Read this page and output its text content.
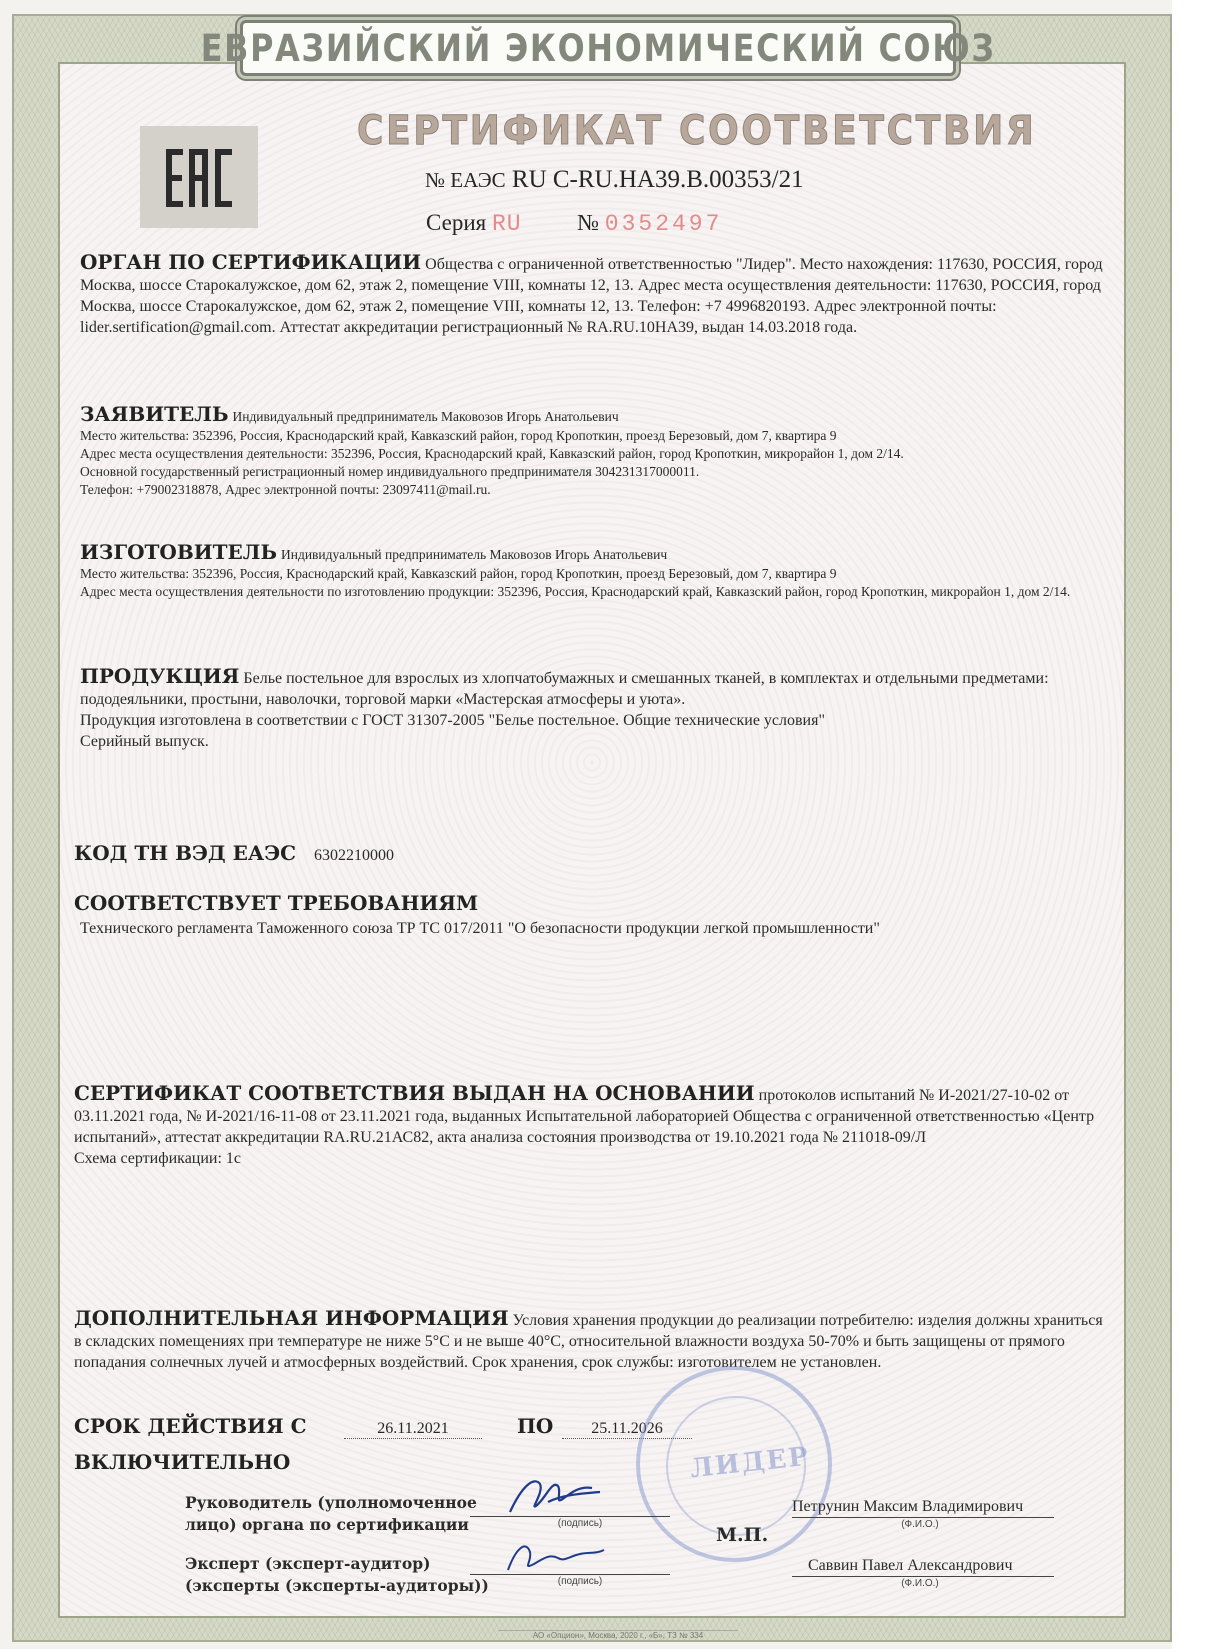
ЕВРАЗИЙСКИЙ ЭКОНОМИЧЕСКИЙ СОЮЗ
СЕРТИФИКАТ СООТВЕТСТВИЯ
№ ЕАЭС RU C-RU.НА39.В.00353/21
Серия RU № 0352497
ОРГАН ПО СЕРТИФИКАЦИИ Общества с ограниченной ответственностью "Лидер". Место нахождения: 117630, РОССИЯ, город Москва, шоссе Старокалужское, дом 62, этаж 2, помещение VIII, комнаты 12, 13. Адрес места осуществления деятельности: 117630, РОССИЯ, город Москва, шоссе Старокалужское, дом 62, этаж 2, помещение VIII, комнаты 12, 13. Телефон: +7 4996820193. Адрес электронной почты: lider.sertification@gmail.com. Аттестат аккредитации регистрационный № RA.RU.10НА39, выдан 14.03.2018 года.
ЗАЯВИТЕЛЬ Индивидуальный предприниматель Маковозов Игорь Анатольевич
Место жительства: 352396, Россия, Краснодарский край, Кавказский район, город Кропоткин, проезд Березовый, дом 7, квартира 9
Адрес места осуществления деятельности: 352396, Россия, Краснодарский край, Кавказский район, город Кропоткин, микрорайон 1, дом 2/14.
Основной государственный регистрационный номер индивидуального предпринимателя 304231317000011.
Телефон: +79002318878, Адрес электронной почты: 23097411@mail.ru.
ИЗГОТОВИТЕЛЬ Индивидуальный предприниматель Маковозов Игорь Анатольевич
Место жительства: 352396, Россия, Краснодарский край, Кавказский район, город Кропоткин, проезд Березовый, дом 7, квартира 9
Адрес места осуществления деятельности по изготовлению продукции: 352396, Россия, Краснодарский край, Кавказский район, город Кропоткин, микрорайон 1, дом 2/14.
ПРОДУКЦИЯ Белье постельное для взрослых из хлопчатобумажных и смешанных тканей, в комплектах и отдельными предметами: пододеяльники, простыни, наволочки, торговой марки «Мастерская атмосферы и уюта».
Продукция изготовлена в соответствии с ГОСТ 31307-2005 "Белье постельное. Общие технические условия"
Серийный выпуск.
КОД ТН ВЭД ЕАЭС 6302210000
СООТВЕТСТВУЕТ ТРЕБОВАНИЯМ
Технического регламента Таможенного союза ТР ТС 017/2011 "О безопасности продукции легкой промышленности"
СЕРТИФИКАТ СООТВЕТСТВИЯ ВЫДАН НА ОСНОВАНИИ протоколов испытаний № И-2021/27-10-02 от 03.11.2021 года, № И-2021/16-11-08 от 23.11.2021 года, выданных Испытательной лабораторией Общества с ограниченной ответственностью «Центр испытаний», аттестат аккредитации RA.RU.21АС82, акта анализа состояния производства от 19.10.2021 года № 211018-09/Л
Схема сертификации: 1с
ДОПОЛНИТЕЛЬНАЯ ИНФОРМАЦИЯ Условия хранения продукции до реализации потребителю: изделия должны храниться в складских помещениях при температуре не ниже 5°С и не выше 40°С, относительной влажности воздуха 50-70% и быть защищены от прямого попадания солнечных лучей и атмосферных воздействий. Срок хранения, срок службы: изготовителем не установлен.
СРОК ДЕЙСТВИЯ С	26.11.2021	ПО	25.11.2026
ВКЛЮЧИТЕЛЬНО	ЛИДЕР
Руководитель (уполномоченное
лицо) органа по сертификации	(подпись)
М.П.
Петрунин Максим Владимирович
(Ф.И.О.)
Эксперт (эксперт-аудитор)
(эксперты (эксперты-аудиторы))	(подпись)
Саввин Павел Александрович
(Ф.И.О.)
АО «Опцион», Москва, 2020 г., «Б», ТЗ № 334
